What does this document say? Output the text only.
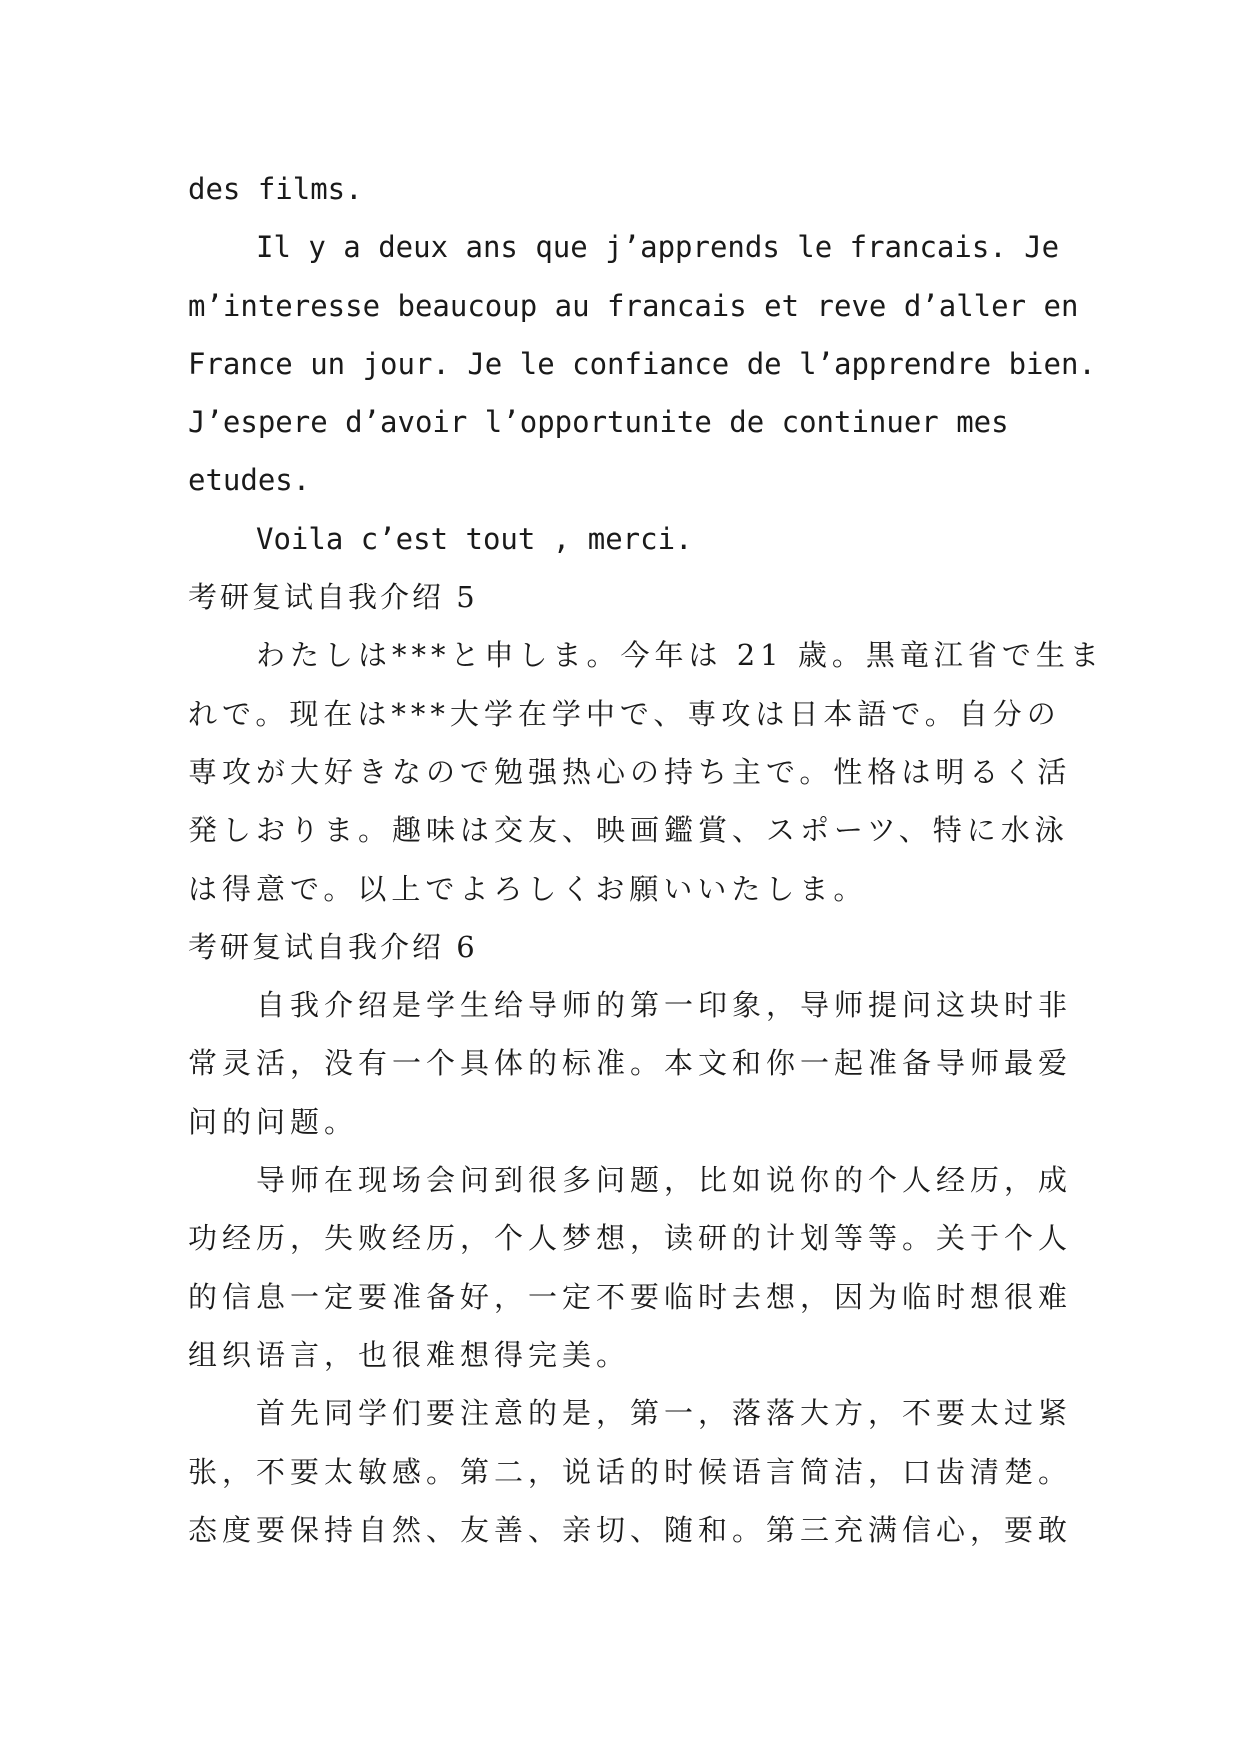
des films.
Il y a deux ans que j’apprends le francais. Je
m’interesse beaucoup au francais et reve d’aller en
France un jour. Je le confiance de l’apprendre bien.
J’espere d’avoir l’opportunite de continuer mes
etudes.
Voila c’est tout , merci.
考研复试自我介绍 5
わたしは***と申しま。今年は 21 歳。黒竜江省で生ま
れで。现在は***大学在学中で、専攻は日本語で。自分の
専攻が大好きなので勉强热心の持ち主で。性格は明るく活
発しおりま。趣味は交友、映画鑑賞、スポーツ、特に水泳
は得意で。以上でよろしくお願いいたしま。
考研复试自我介绍 6
自我介绍是学生给导师的第一印象，导师提问这块时非
常灵活，没有一个具体的标准。本文和你一起准备导师最爱
问的问题。
导师在现场会问到很多问题，比如说你的个人经历，成
功经历，失败经历，个人梦想，读研的计划等等。关于个人
的信息一定要准备好，一定不要临时去想，因为临时想很难
组织语言，也很难想得完美。
首先同学们要注意的是，第一，落落大方，不要太过紧
张，不要太敏感。第二，说话的时候语言简洁，口齿清楚。
态度要保持自然、友善、亲切、随和。第三充满信心，要敢
